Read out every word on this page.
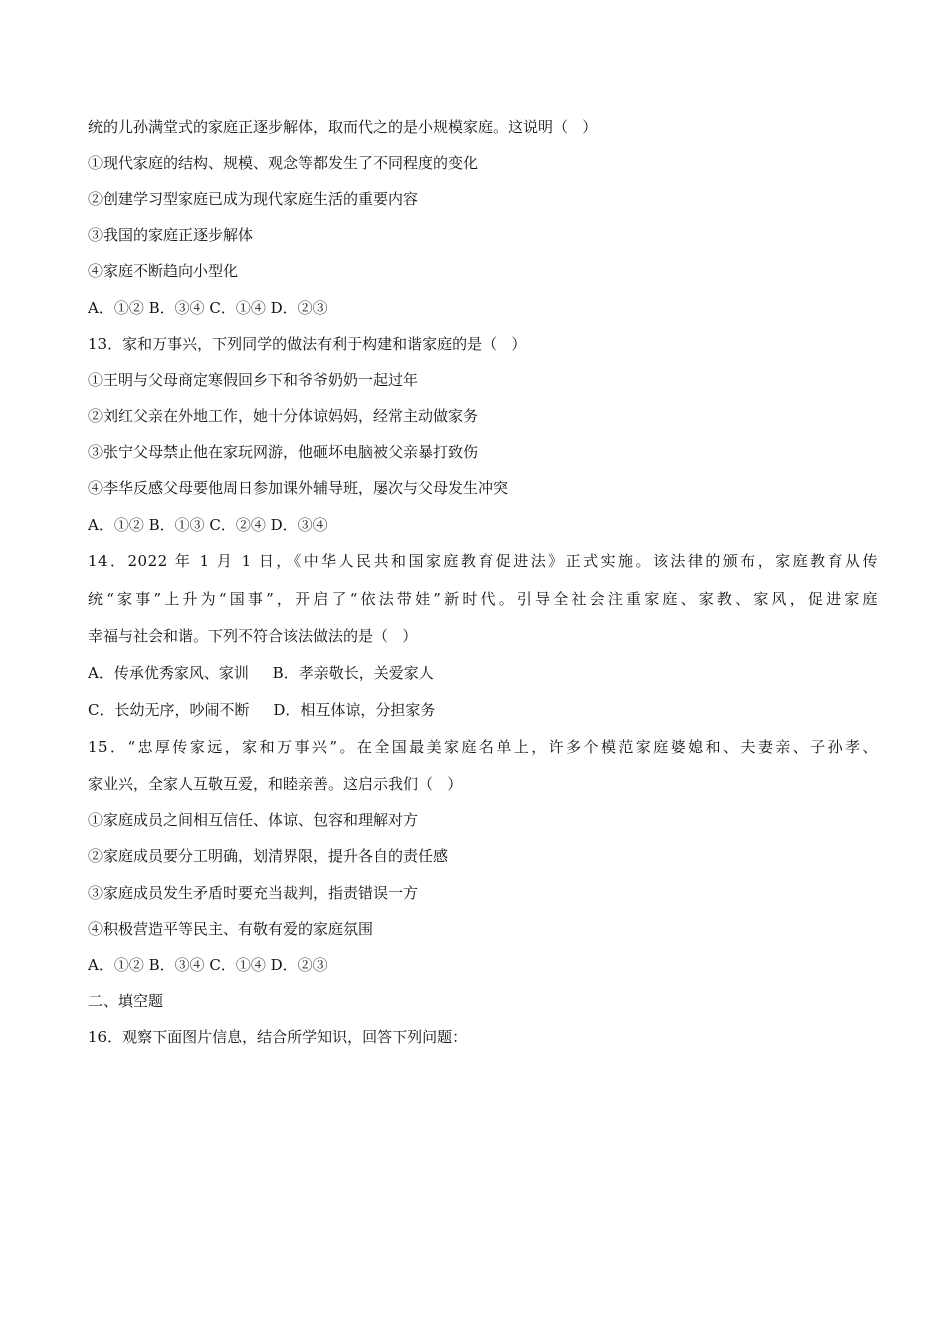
统的儿孙满堂式的家庭正逐步解体，取而代之的是小规模家庭。这说明（   ）
①现代家庭的结构、规模、观念等都发生了不同程度的变化
②创建学习型家庭已成为现代家庭生活的重要内容
③我国的家庭正逐步解体
④家庭不断趋向小型化
A．①② B．③④ C．①④ D．②③
13．家和万事兴，下列同学的做法有利于构建和谐家庭的是（   ）
①王明与父母商定寒假回乡下和爷爷奶奶一起过年
②刘红父亲在外地工作，她十分体谅妈妈，经常主动做家务
③张宁父母禁止他在家玩网游，他砸坏电脑被父亲暴打致伤
④李华反感父母要他周日参加课外辅导班，屡次与父母发生冲突
A．①② B．①③ C．②④ D．③④
14．2022 年 1 月 1 日，《中华人民共和国家庭教育促进法》正式实施。该法律的颁布，家庭教育从传
统“家事”上升为“国事”，开启了“依法带娃”新时代。引导全社会注重家庭、家教、家风，促进家庭
幸福与社会和谐。下列不符合该法做法的是（   ）
A．传承优秀家风、家训     B．孝亲敬长，关爱家人
C．长幼无序，吵闹不断     D．相互体谅，分担家务
15．“忠厚传家远，家和万事兴”。在全国最美家庭名单上，许多个模范家庭婆媳和、夫妻亲、子孙孝、
家业兴，全家人互敬互爱，和睦亲善。这启示我们（   ）
①家庭成员之间相互信任、体谅、包容和理解对方
②家庭成员要分工明确，划清界限，提升各自的责任感
③家庭成员发生矛盾时要充当裁判，指责错误一方
④积极营造平等民主、有敬有爱的家庭氛围
A．①② B．③④ C．①④ D．②③
二、填空题
16．观察下面图片信息，结合所学知识，回答下列问题：
